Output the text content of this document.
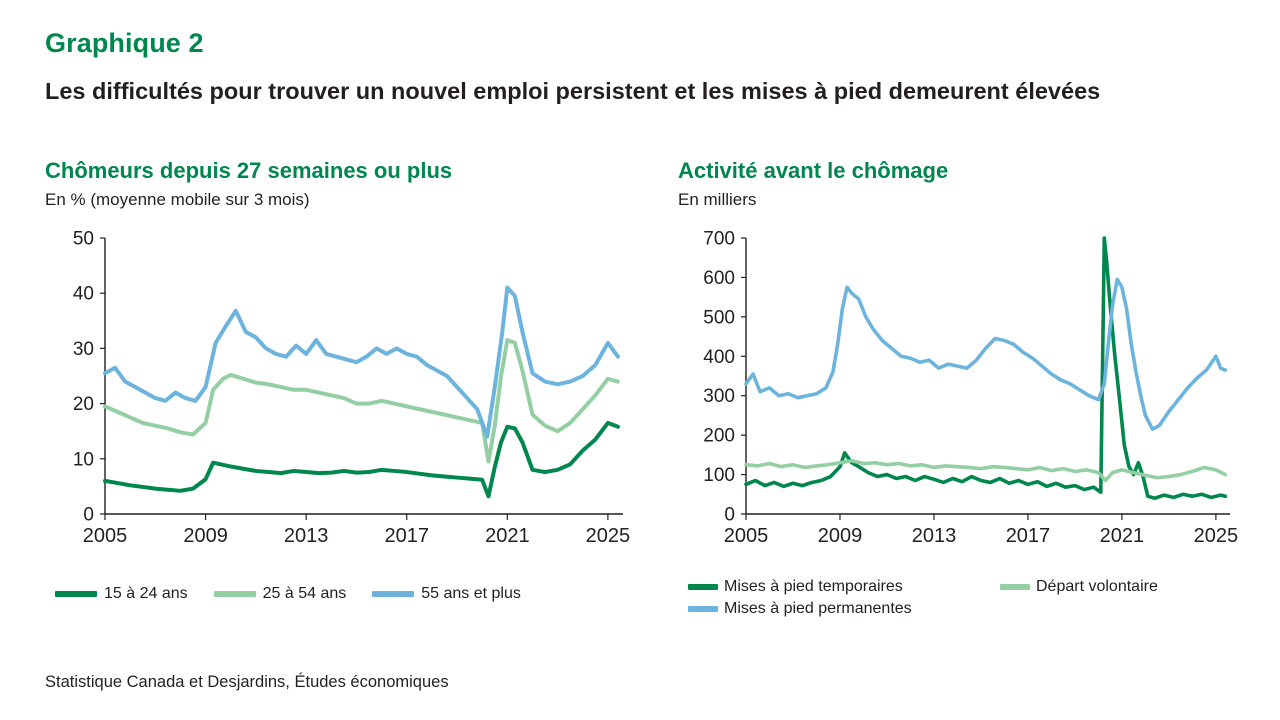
Graphique 2
Les difficultés pour trouver un nouvel emploi persistent et les mises à pied demeurent élevées
Chômeurs depuis 27 semaines ou plus
En % (moyenne mobile sur 3 mois)
0
10
20
30
40
50
2005	2009	2013	2017	2021	2025
Activité avant le chômage
En milliers
0
100
200
300
400
500
600
700
2005 2009 2013 2017 2021 2025
15 à 24 ans	25 à 54 ans	55 ans et plus	Mises à pied temporaires	Départ volontaire
Mises à pied permanentes
Statistique Canada et Desjardins, Études économiques
